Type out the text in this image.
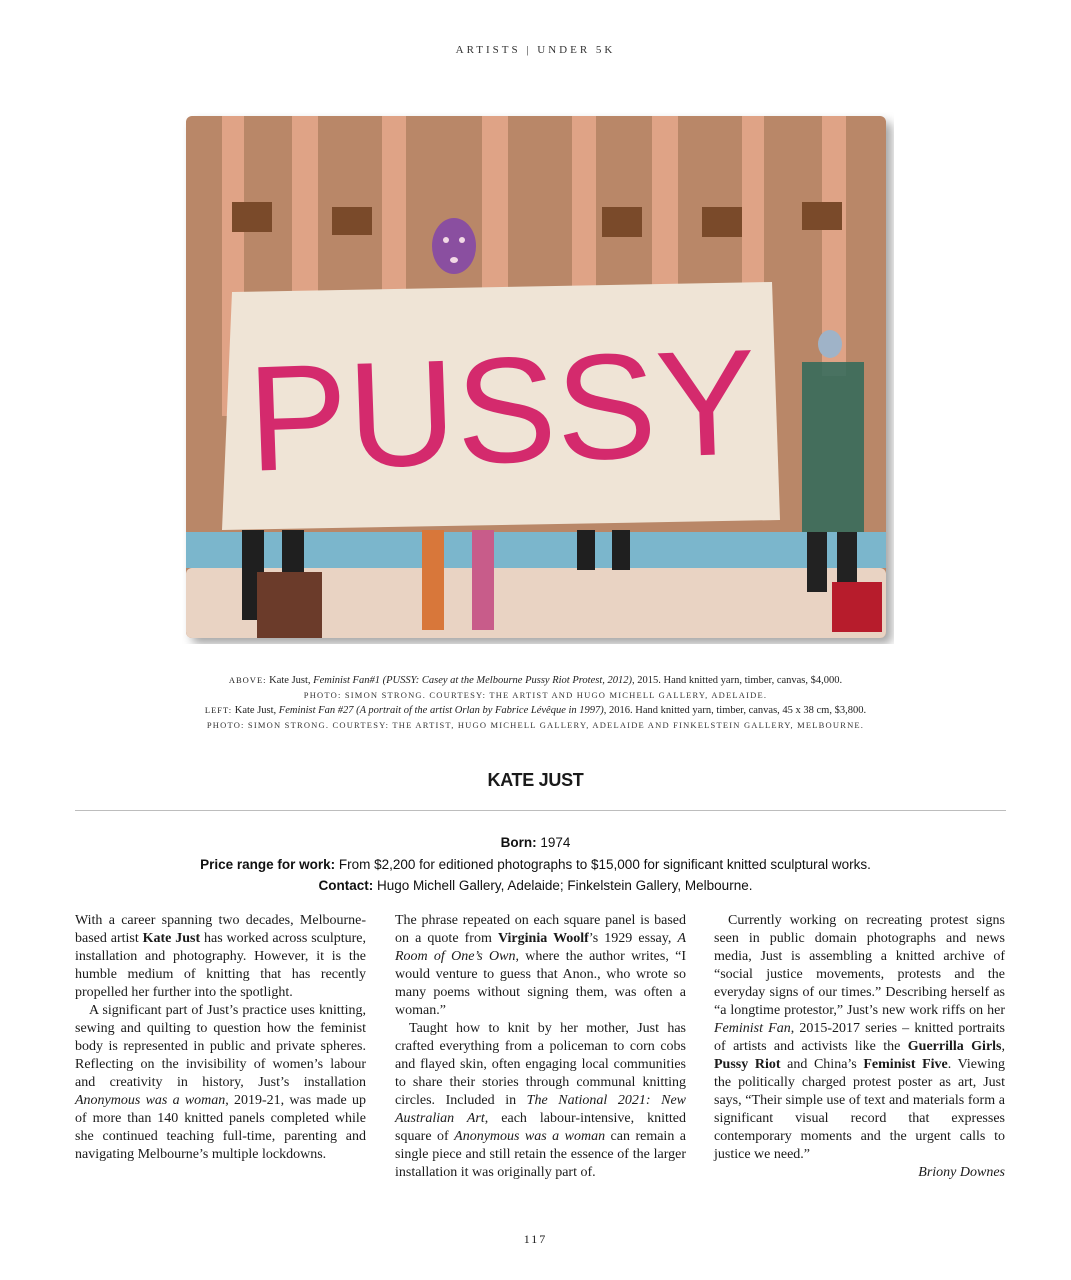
ARTISTS | UNDER 5K
PUSSY
ABOVE: Kate Just, Feminist Fan#1 (PUSSY: Casey at the Melbourne Pussy Riot Protest, 2012), 2015. Hand knitted yarn, timber, canvas, $4,000.
PHOTO: SIMON STRONG. COURTESY: THE ARTIST AND HUGO MICHELL GALLERY, ADELAIDE.
LEFT: Kate Just, Feminist Fan #27 (A portrait of the artist Orlan by Fabrice Lévêque in 1997), 2016. Hand knitted yarn, timber, canvas, 45 x 38 cm, $3,800.
PHOTO: SIMON STRONG. COURTESY: THE ARTIST, HUGO MICHELL GALLERY, ADELAIDE AND FINKELSTEIN GALLERY, MELBOURNE.
KATE JUST
Born: 1974
Price range for work: From $2,200 for editioned photographs to $15,000 for significant knitted sculptural works.
Contact: Hugo Michell Gallery, Adelaide; Finkelstein Gallery, Melbourne.

With a career spanning two decades, Melbourne-based artist Kate Just has worked across sculpture, installation and photography. However, it is the humble medium of knitting that has recently propelled her further into the spotlight.

A significant part of Just’s practice uses knitting, sewing and quilting to question how the feminist body is represented in public and private spheres. Reflecting on the invisibility of women’s labour and creativity in history, Just’s installation Anonymous was a woman, 2019-21, was made up of more than 140 knitted panels completed while she continued teaching full-time, parenting and navigating Melbourne’s multiple lockdowns.

The phrase repeated on each square panel is based on a quote from Virginia Woolf’s 1929 essay, A Room of One’s Own, where the author writes, “I would venture to guess that Anon., who wrote so many poems without signing them, was often a woman.”

Taught how to knit by her mother, Just has crafted everything from a policeman to corn cobs and flayed skin, often engaging local communities to share their stories through communal knitting circles. Included in The National 2021: New Australian Art, each labour-intensive, knitted square of Anonymous was a woman can remain a single piece and still retain the essence of the larger installation it was originally part of.

Currently working on recreating protest signs seen in public domain photographs and news media, Just is assembling a knitted archive of “social justice movements, protests and the everyday signs of our times.” Describing herself as “a longtime protestor,” Just’s new work riffs on her Feminist Fan, 2015-2017 series – knitted portraits of artists and activists like the Guerrilla Girls, Pussy Riot and China’s Feminist Five. Viewing the politically charged protest poster as art, Just says, “Their simple use of text and materials form a significant visual record that expresses contemporary moments and the urgent calls to justice we need.”

Briony Downes
117
